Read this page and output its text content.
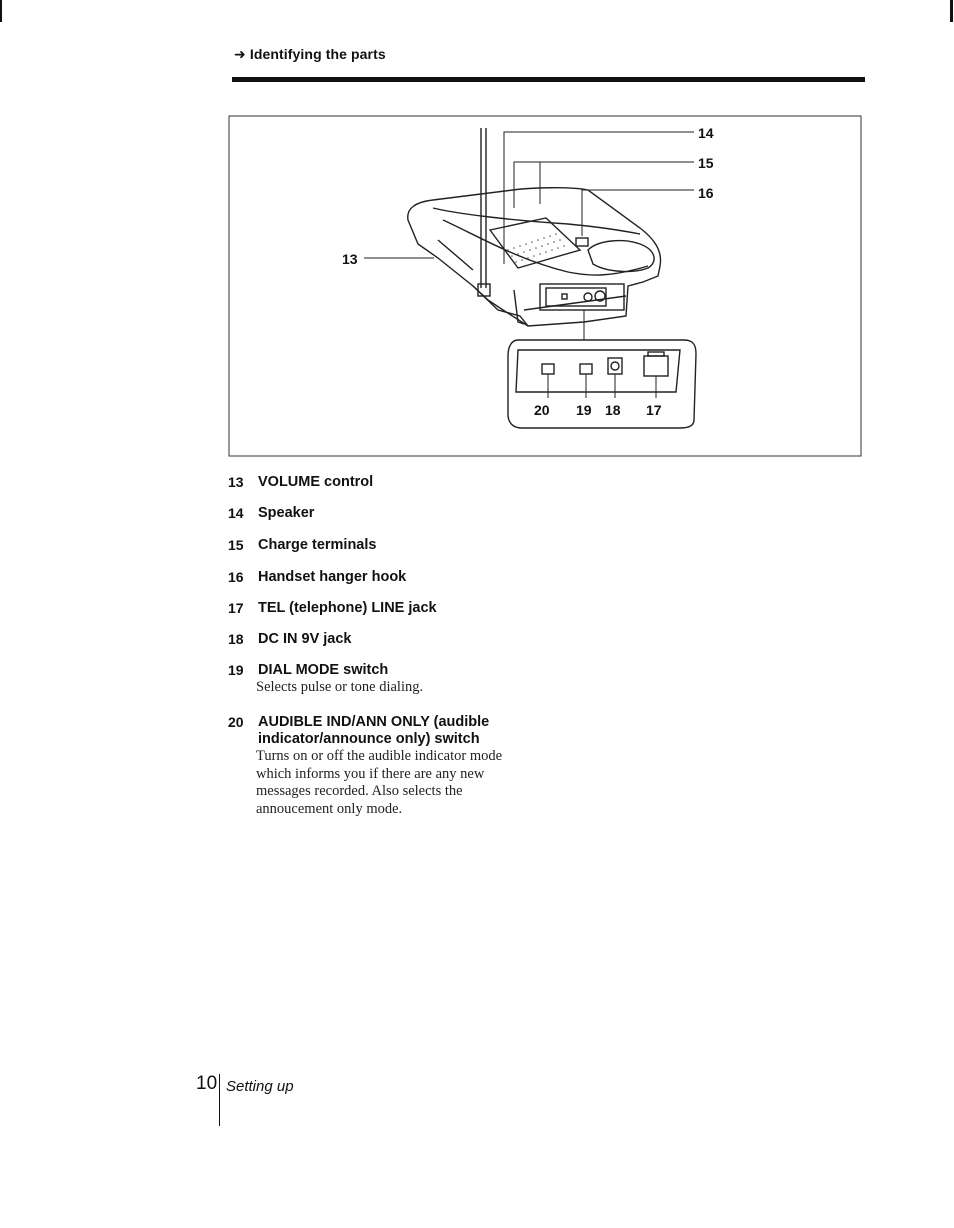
➜ Identifying the parts
14
15
16
13
20 19 18 17
13 VOLUME control
14 Speaker
15 Charge terminals
16 Handset hanger hook
17 TEL (telephone) LINE jack
18 DC IN 9V jack
19 DIAL MODE switch
Selects pulse or tone dialing.
20 AUDIBLE IND/ANN ONLY (audible indicator/announce only) switch
Turns on or off the audible indicator mode which informs you if there are any new messages recorded. Also selects the annoucement only mode.
10 Setting up
